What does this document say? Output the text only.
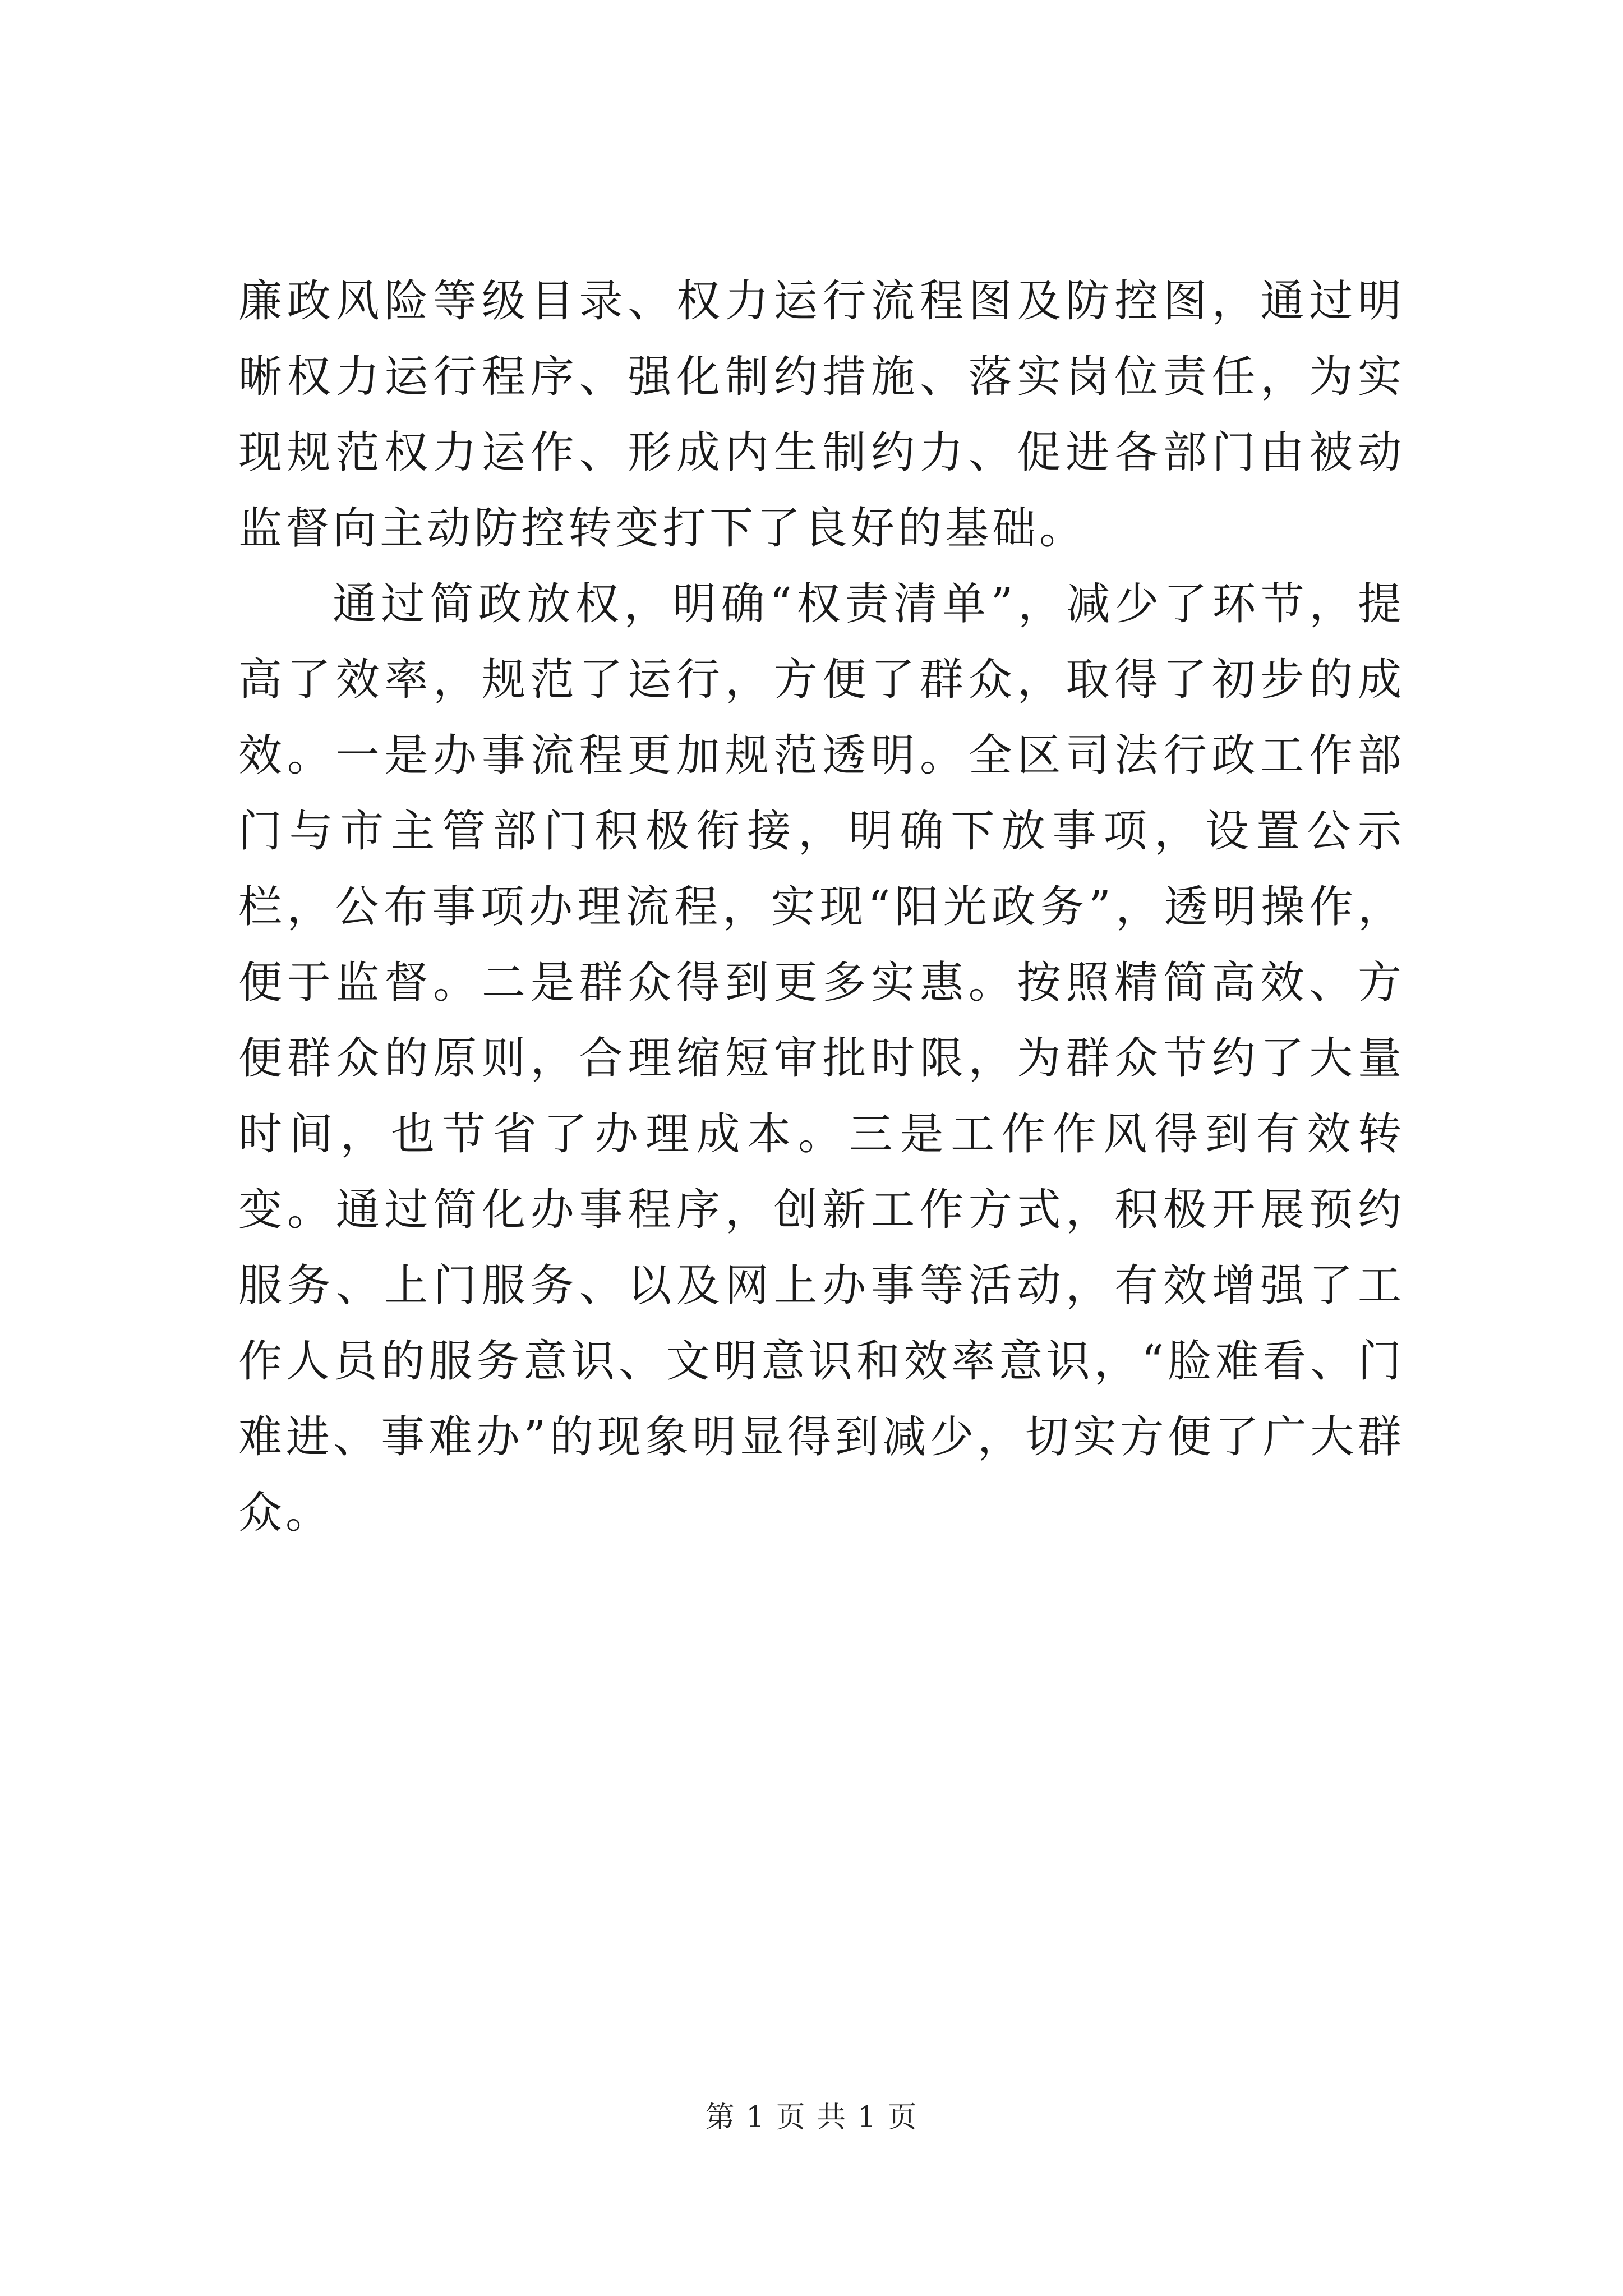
廉政风险等级目录、权力运行流程图及防控图，通过明晰权力运行程序、强化制约措施、落实岗位责任，为实现规范权力运作、形成内生制约力、促进各部门由被动监督向主动防控转变打下了良好的基础。

通过简政放权，明确“权责清单”，减少了环节，提高了效率，规范了运行，方便了群众，取得了初步的成效。一是办事流程更加规范透明。全区司法行政工作部门与市主管部门积极衔接，明确下放事项，设置公示栏，公布事项办理流程，实现“阳光政务”，透明操作，便于监督。二是群众得到更多实惠。按照精简高效、方便群众的原则，合理缩短审批时限，为群众节约了大量时间，也节省了办理成本。三是工作作风得到有效转变。通过简化办事程序，创新工作方式，积极开展预约服务、上门服务、以及网上办事等活动，有效增强了工作人员的服务意识、文明意识和效率意识，“脸难看、门难进、事难办”的现象明显得到减少，切实方便了广大群众。

第 1 页 共 1 页
